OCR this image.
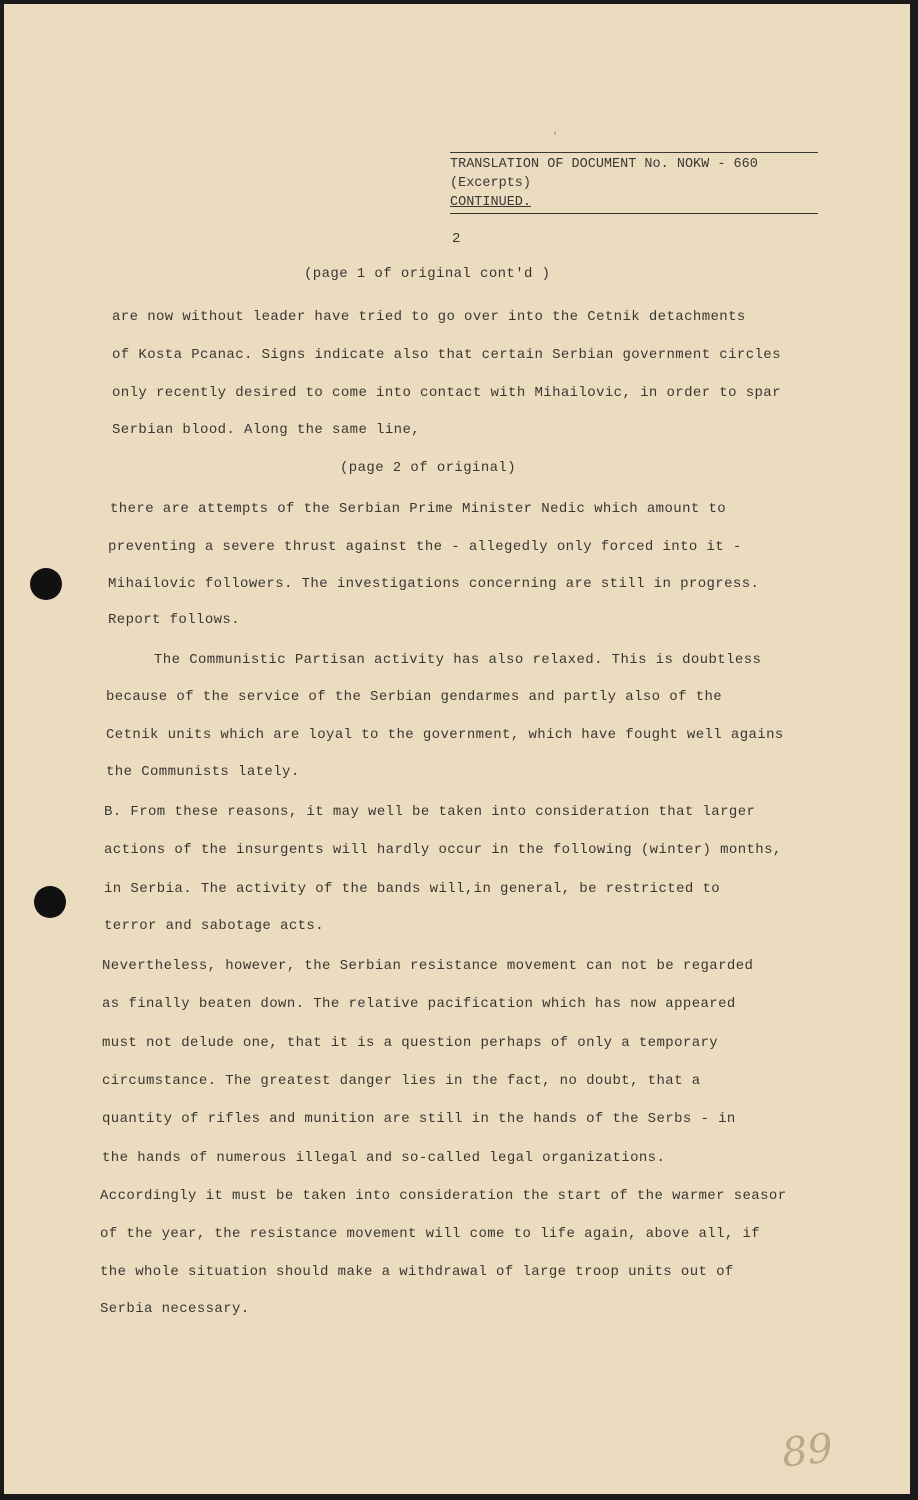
'
TRANSLATION OF DOCUMENT No. NOKW - 660
(Excerpts)
CONTINUED.
2
(page 1 of original cont'd )
are now without leader have tried to go over into the Cetnik detachments
of Kosta Pcanac. Signs indicate also that certain Serbian government circles
only recently desired to come into contact with Mihailovic, in order to spar
Serbian blood. Along the same line,
(page 2 of original)
there are attempts of the Serbian Prime Minister Nedic which amount to
preventing a severe thrust against the - allegedly only forced into it -
Mihailovic followers. The investigations concerning are still in progress.
Report follows.
The Communistic Partisan activity has also relaxed. This is doubtless
because of the service of the Serbian gendarmes and partly also of the
Cetnik units which are loyal to the government, which have fought well agains
the Communists lately.
B. From these reasons, it may well be taken into consideration that larger
actions of the insurgents will hardly occur in the following (winter) months,
in Serbia. The activity of the bands will,in general, be restricted to
terror and sabotage acts.
Nevertheless, however, the Serbian resistance movement can not be regarded
as finally beaten down. The relative pacification which has now appeared
must not delude one, that it is a question perhaps of only a temporary
circumstance. The greatest danger lies in the fact, no doubt, that a
quantity of rifles and munition are still in the hands of the Serbs - in
the hands of numerous illegal and so-called legal organizations.
Accordingly it must be taken into consideration the start of the warmer seasor
of the year, the resistance movement will come to life again, above all, if
the whole situation should make a withdrawal of large troop units out of
Serbia necessary.
89
